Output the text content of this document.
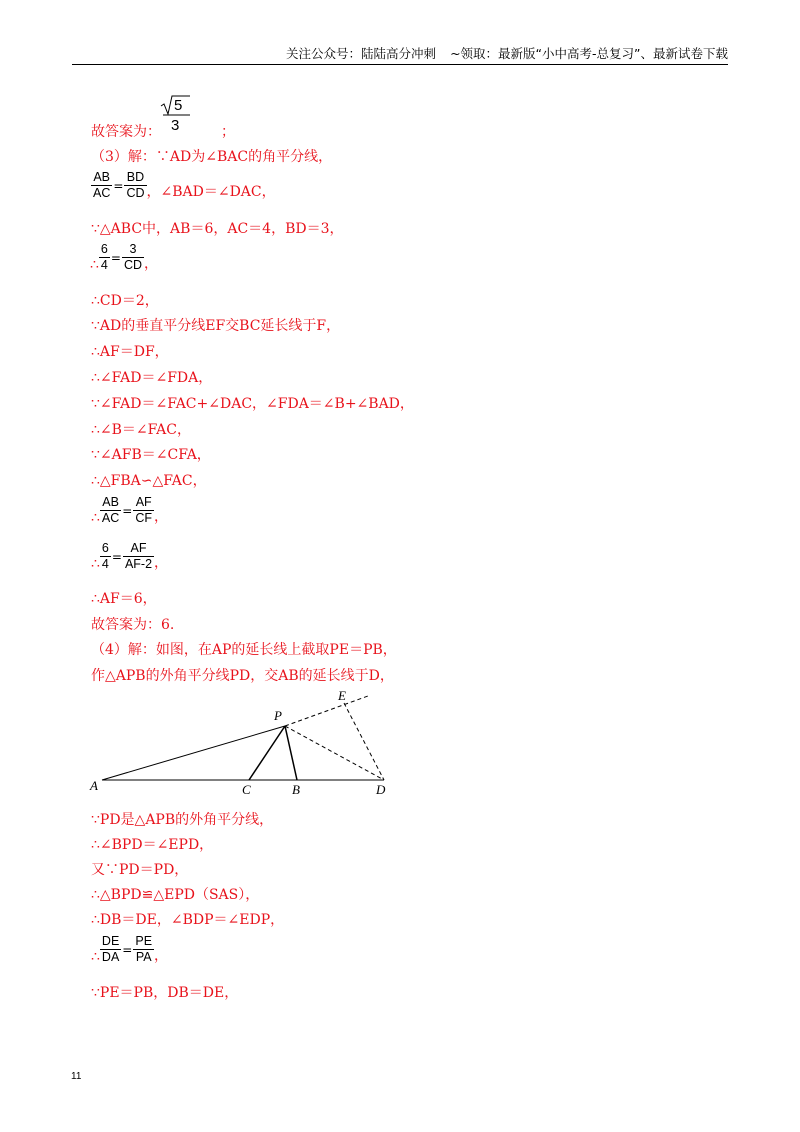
关注公众号：陆陆高分冲刺 ~领取：最新版“小中高考-总复习”、最新试卷下载
5
3
故答案为：	；
（3）解：∵AD为∠BAC的角平分线，
$\frac{AB}{AC} = \frac{BD}{CD}$ ，∠BAD＝∠DAC，
∵△ABC中，AB＝6，AC＝4，BD＝3，
∴ $\frac{6}{4} = \frac{3}{CD}$ ，
∴CD＝2，
∵AD的垂直平分线EF交BC延长线于F，
∴AF＝DF，
∴∠FAD＝∠FDA，
∵∠FAD＝∠FAC+∠DAC，∠FDA＝∠B+∠BAD，
∴∠B＝∠FAC，
∵∠AFB＝∠CFA，
∴△FBA∽△FAC，
∴ $\frac{AB}{AC} = \frac{AF}{CF}$ ，
∴ $\frac{6}{4} = \frac{AF}{AF-2}$ ，
∴AF＝6，
故答案为：6.
（4）解：如图，在AP的延长线上截取PE＝PB，
作△APB的外角平分线PD，交AB的延长线于D，
A	C	B	D
P
E
∵PD是△APB的外角平分线，
∴∠BPD＝∠EPD，
又∵PD＝PD，
∴△BPD≌△EPD（SAS），
∴DB＝DE，∠BDP＝∠EDP，
∴ $\frac{DE}{DA} = \frac{PE}{PA}$ ，
∵PE＝PB，DB＝DE，
11
